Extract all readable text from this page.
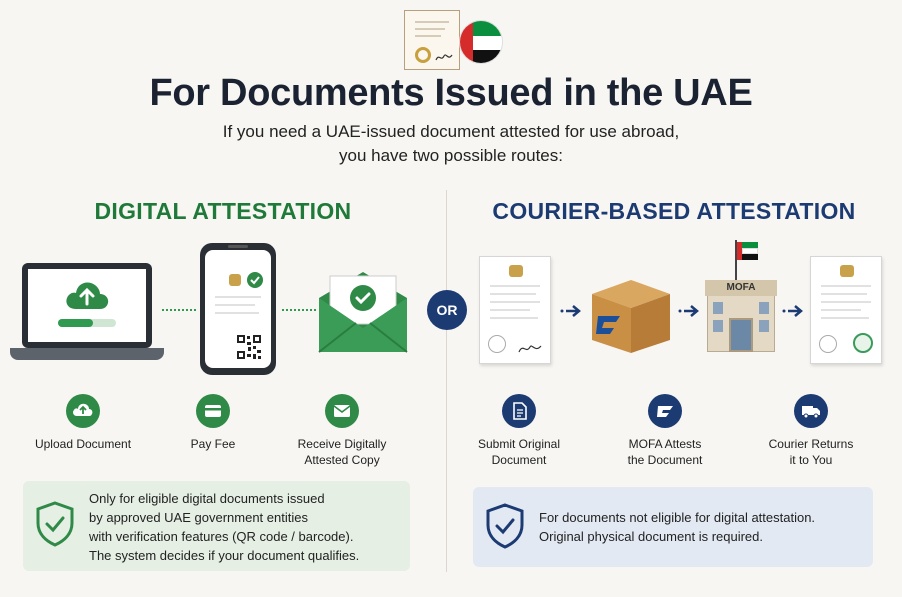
For Documents Issued in the UAE
If you need a UAE-issued document attested for use abroad,
you have two possible routes:
DIGITAL ATTESTATION	COURIER-BASED ATTESTATION
OR
MOFA
Upload Document	Pay Fee	Receive Digitally
Attested Copy
Submit Original
Document
MOFA Attests
the Document
Courier Returns
it to You
Only for eligible digital documents issued
by approved UAE government entities
with verification features (QR code / barcode).
The system decides if your document qualifies.
For documents not eligible for digital attestation.
Original physical document is required.
